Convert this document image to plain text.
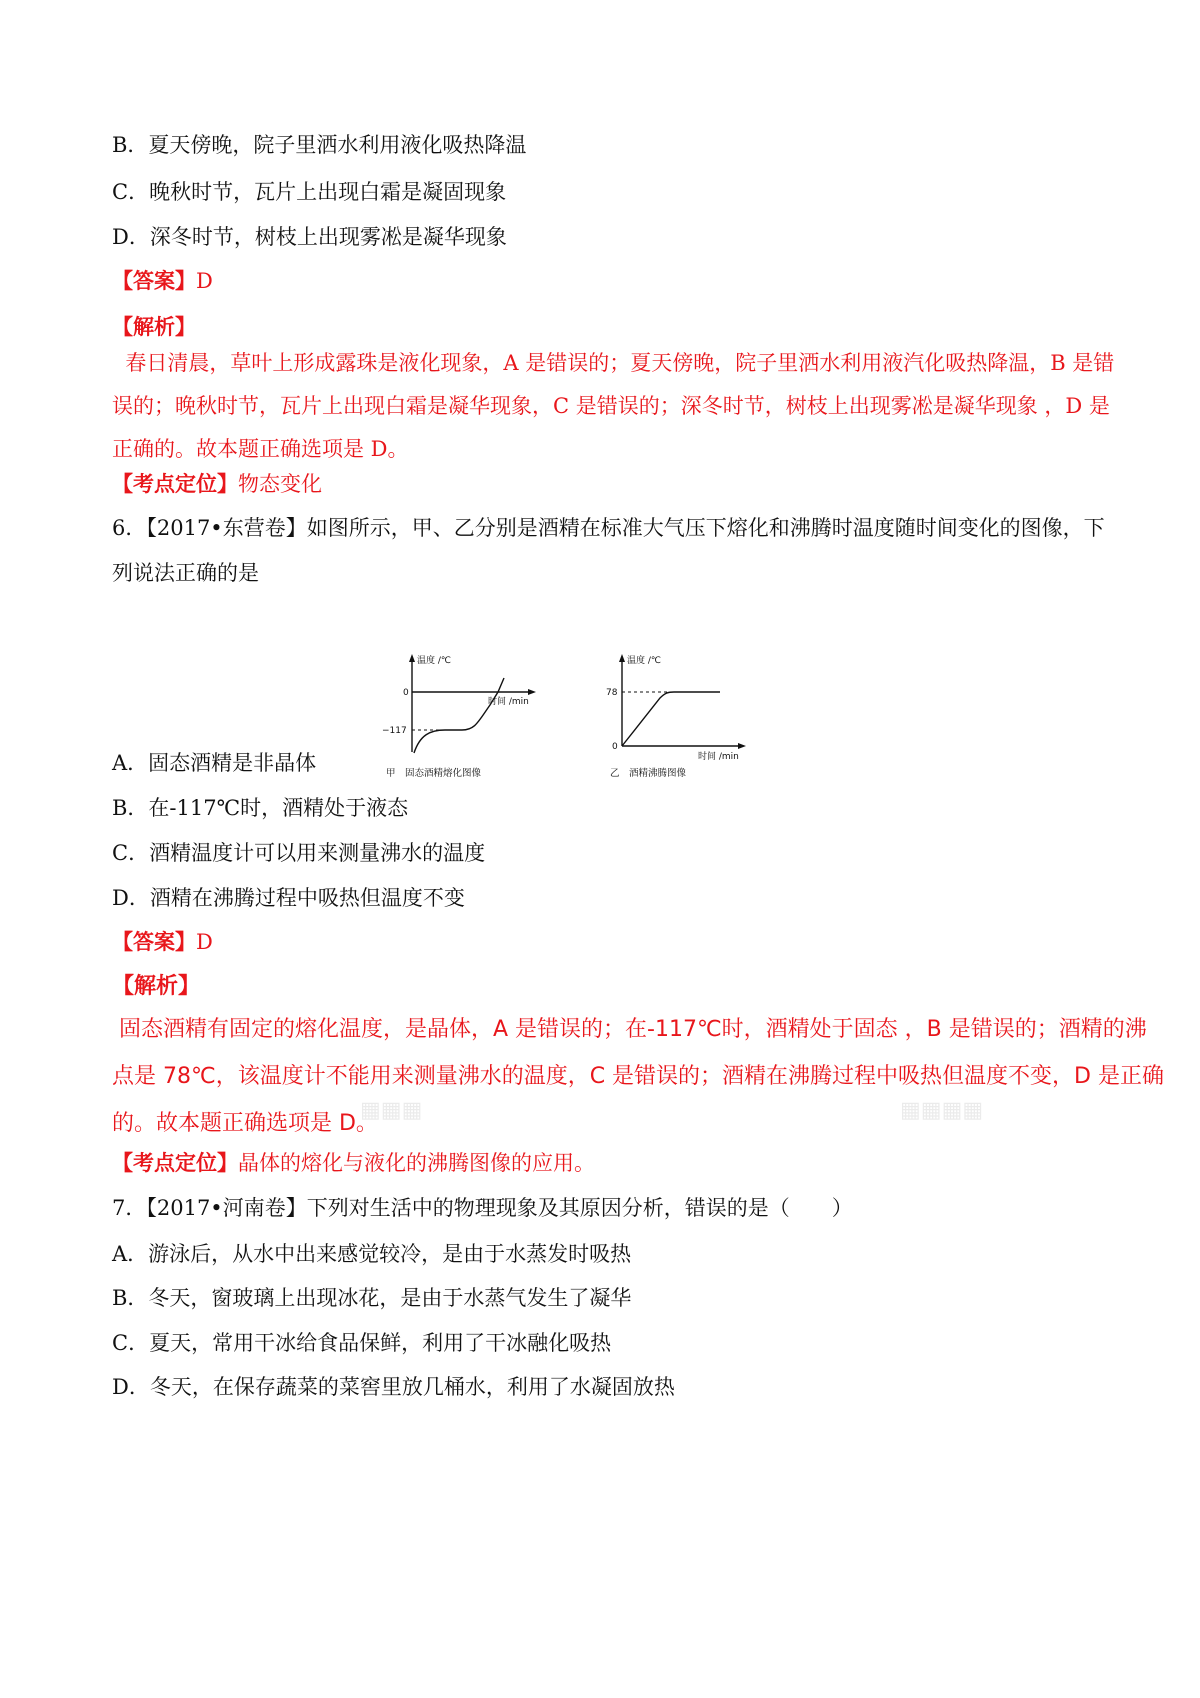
B．夏天傍晚，院子里洒水利用液化吸热降温
C．晚秋时节，瓦片上出现白霜是凝固现象
D．深冬时节，树枝上出现雾凇是凝华现象
【答案】D
【解析】
春日清晨，草叶上形成露珠是液化现象，A 是错误的；夏天傍晚，院子里洒水利用液汽化吸热降温，B 是错
误的；晚秋时节，瓦片上出现白霜是凝华现象，C 是错误的；深冬时节，树枝上出现雾凇是凝华现象 ，D 是
正确的。故本题正确选项是 D。
【考点定位】物态变化
6．【2017•东营卷】如图所示，甲、乙分别是酒精在标准大气压下熔化和沸腾时温度随时间变化的图像，下
列说法正确的是
温度 /℃
时间 /min
0
−117
甲　固态酒精熔化图像
温度 /℃
时间 /min
78
0
乙　酒精沸腾图像
A．固态酒精是非晶体
B．在-117℃时，酒精处于液态
C．酒精温度计可以用来测量沸水的温度
D．酒精在沸腾过程中吸热但温度不变
【答案】D
【解析】
固态酒精有固定的熔化温度，是晶体，A 是错误的；在-117℃时，酒精处于固态 ，B 是错误的；酒精的沸
点是 78℃，该温度计不能用来测量沸水的温度，C 是错误的；酒精在沸腾过程中吸热但温度不变，D 是正确
的。故本题正确选项是 D。
▦▦▦	▦▦▦▦
【考点定位】晶体的熔化与液化的沸腾图像的应用。
7．【2017•河南卷】下列对生活中的物理现象及其原因分析，错误的是（　　）
A．游泳后，从水中出来感觉较冷，是由于水蒸发时吸热
B．冬天，窗玻璃上出现冰花，是由于水蒸气发生了凝华
C．夏天，常用干冰给食品保鲜，利用了干冰融化吸热
D．冬天，在保存蔬菜的菜窖里放几桶水，利用了水凝固放热
